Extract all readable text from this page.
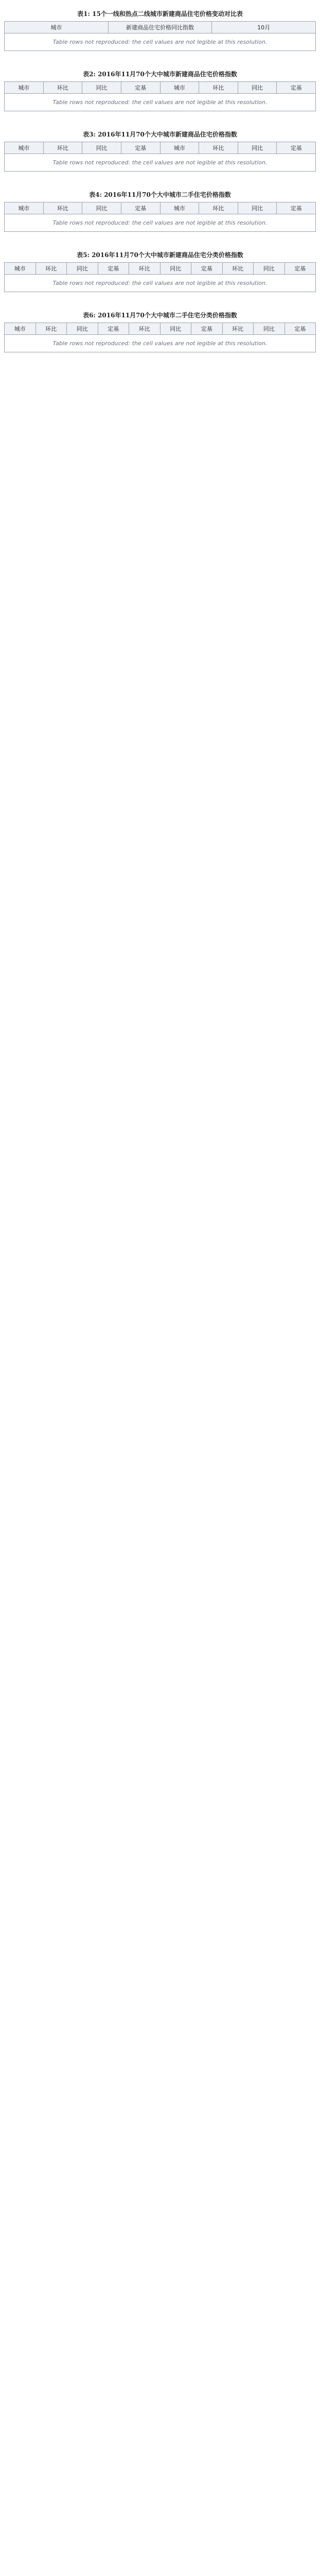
表1: 15个一线和热点二线城市新建商品住宅价格变动对比表
城市	新建商品住宅价格同比指数	10月
Table rows not reproduced: the cell values are not legible at this resolution.
表2: 2016年11月70个大中城市新建商品住宅价格指数
城市	环比	同比	定基	城市	环比	同比	定基
Table rows not reproduced: the cell values are not legible at this resolution.
表3: 2016年11月70个大中城市新建商品住宅价格指数
城市	环比	同比	定基	城市	环比	同比	定基
Table rows not reproduced: the cell values are not legible at this resolution.
表4: 2016年11月70个大中城市二手住宅价格指数
城市	环比	同比	定基	城市	环比	同比	定基
Table rows not reproduced: the cell values are not legible at this resolution.
表5: 2016年11月70个大中城市新建商品住宅分类价格指数
城市	环比	同比	定基	环比	同比	定基	环比	同比	定基
Table rows not reproduced: the cell values are not legible at this resolution.
表6: 2016年11月70个大中城市二手住宅分类价格指数
城市	环比	同比	定基	环比	同比	定基	环比	同比	定基
Table rows not reproduced: the cell values are not legible at this resolution.
